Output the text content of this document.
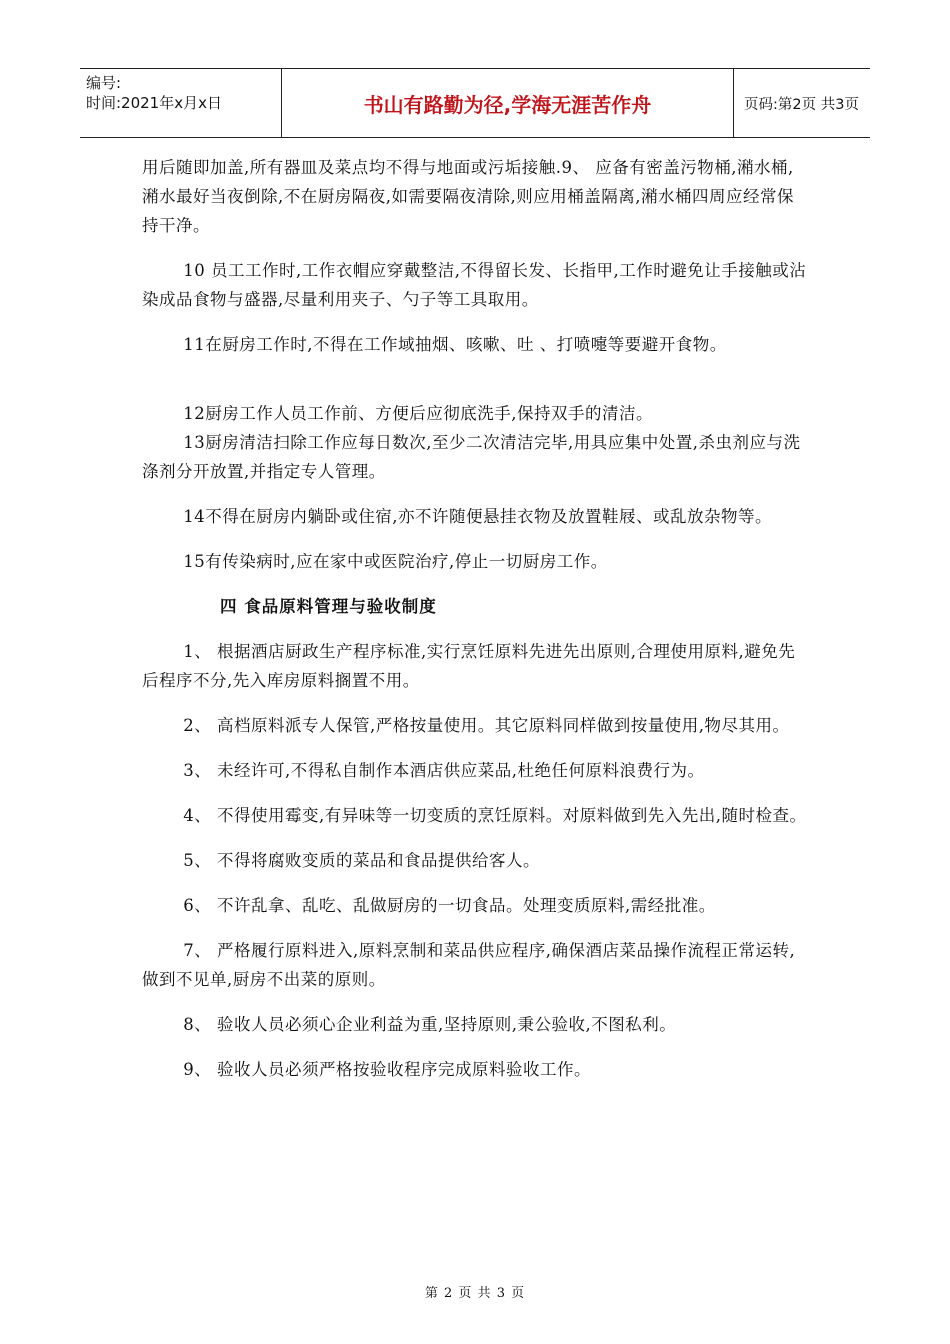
编号:
时间:2021年x月x日	书山有路勤为径,学海无涯苦作舟	页码:第2页 共3页

用后随即加盖,所有器皿及菜点均不得与地面或污垢接触.9、 应备有密盖污物桶,潲水桶,潲水最好当夜倒除,不在厨房隔夜,如需要隔夜清除,则应用桶盖隔离,潲水桶四周应经常保持干净。

10 员工工作时,工作衣帽应穿戴整洁,不得留长发、长指甲,工作时避免让手接触或沾染成品食物与盛器,尽量利用夹子、勺子等工具取用。

11在厨房工作时,不得在工作域抽烟、咳嗽、吐 、打喷嚏等要避开食物。

12厨房工作人员工作前、方便后应彻底洗手,保持双手的清洁。

13厨房清洁扫除工作应每日数次,至少二次清洁完毕,用具应集中处置,杀虫剂应与洗涤剂分开放置,并指定专人管理。

14不得在厨房内躺卧或住宿,亦不许随便悬挂衣物及放置鞋屐、或乱放杂物等。

15有传染病时,应在家中或医院治疗,停止一切厨房工作。

四 食品原料管理与验收制度

1、 根据酒店厨政生产程序标准,实行烹饪原料先进先出原则,合理使用原料,避免先后程序不分,先入库房原料搁置不用。

2、 高档原料派专人保管,严格按量使用。其它原料同样做到按量使用,物尽其用。

3、 未经许可,不得私自制作本酒店供应菜品,杜绝任何原料浪费行为。

4、 不得使用霉变,有异味等一切变质的烹饪原料。对原料做到先入先出,随时检查。

5、 不得将腐败变质的菜品和食品提供给客人。

6、 不许乱拿、乱吃、乱做厨房的一切食品。处理变质原料,需经批准。

7、 严格履行原料进入,原料烹制和菜品供应程序,确保酒店菜品操作流程正常运转,做到不见单,厨房不出菜的原则。

8、 验收人员必须心企业利益为重,坚持原则,秉公验收,不图私利。

9、 验收人员必须严格按验收程序完成原料验收工作。

第 2 页 共 3 页
